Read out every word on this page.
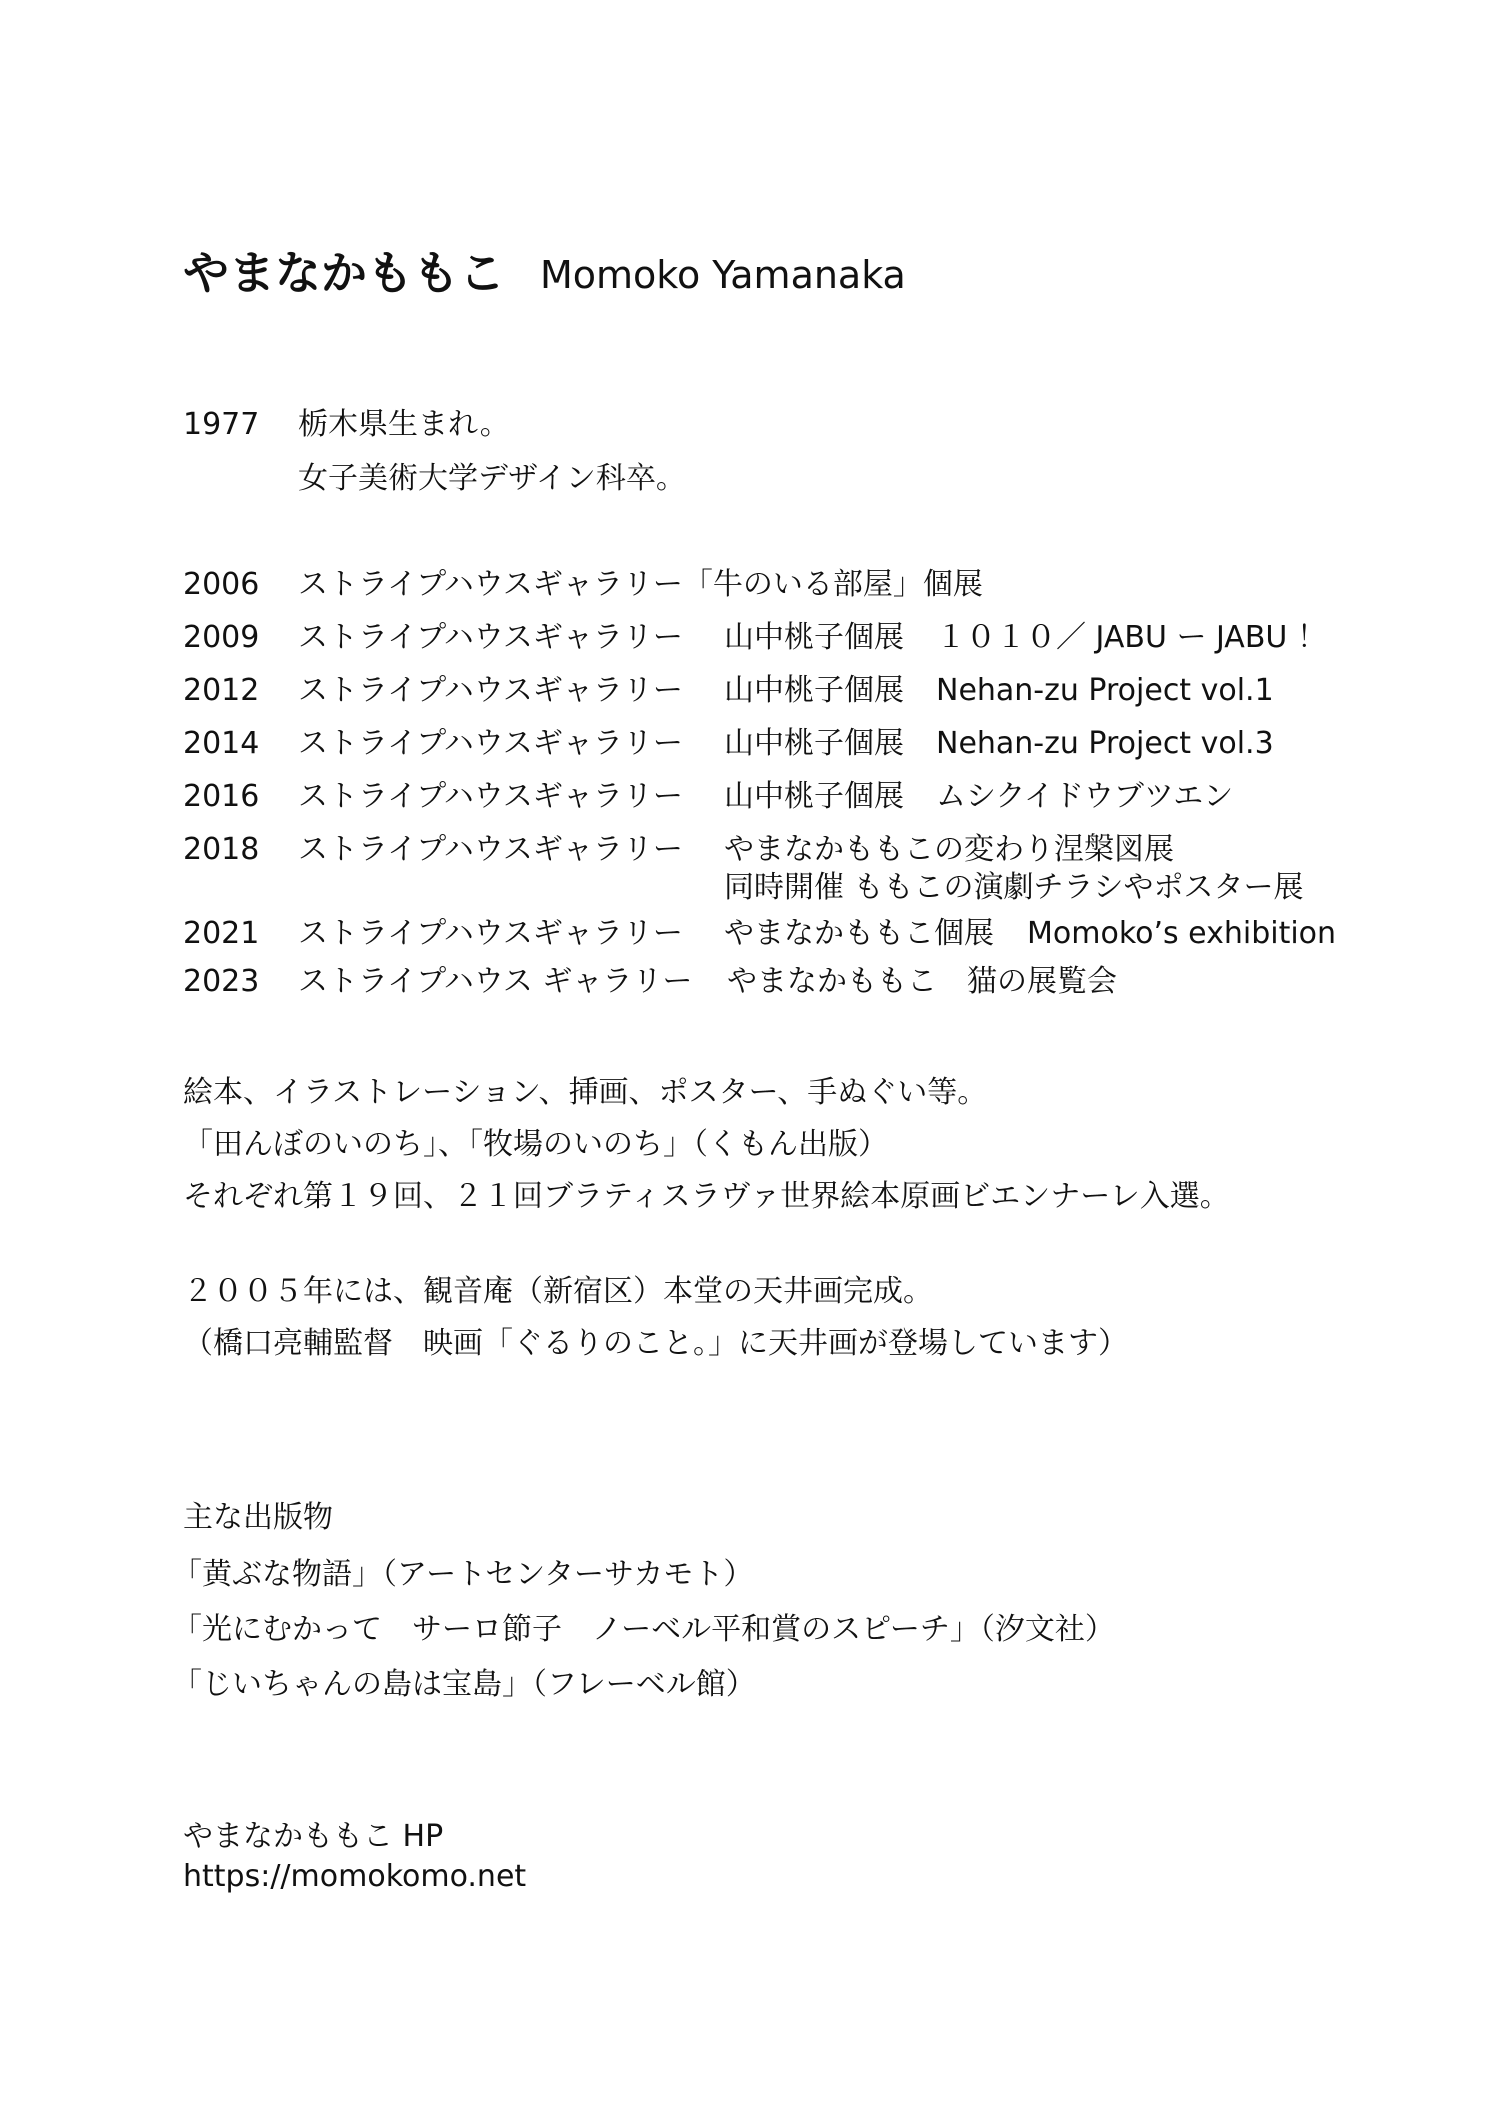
やまなかももこ Momoko Yamanaka
1977 栃木県生まれ。
女子美術大学デザイン科卒。
2006 ストライプハウスギャラリー「牛のいる部屋」個展
2009 ストライプハウスギャラリー 山中桃子個展 １０１０／ JABU ー JABU ！
2012 ストライプハウスギャラリー 山中桃子個展 Nehan-zu Project vol.1
2014 ストライプハウスギャラリー 山中桃子個展 Nehan-zu Project vol.3
2016 ストライプハウスギャラリー 山中桃子個展 ムシクイドウブツエン
2018 ストライプハウスギャラリー やまなかももこの変わり涅槃図展
同時開催 ももこの演劇チラシやポスター展
2021 ストライプハウスギャラリー やまなかももこ個展 Momoko’s exhibition
2023 ストライプハウス ギャラリー やまなかももこ　猫の展覧会
絵本、イラストレーション、挿画、ポスター、手ぬぐい等。
「田んぼのいのち」、「牧場のいのち」（くもん出版）
それぞれ第１９回、２１回ブラティスラヴァ世界絵本原画ビエンナーレ入選。
２００５年には、観音庵（新宿区）本堂の天井画完成。
（橋口亮輔監督　映画「ぐるりのこと。」に天井画が登場しています）
主な出版物
「黄ぶな物語」（アートセンターサカモト）
「光にむかって　サーロ節子　ノーベル平和賞のスピーチ」（汐文社）
「じいちゃんの島は宝島」（フレーベル館）
やまなかももこ HP
https://momokomo.net
